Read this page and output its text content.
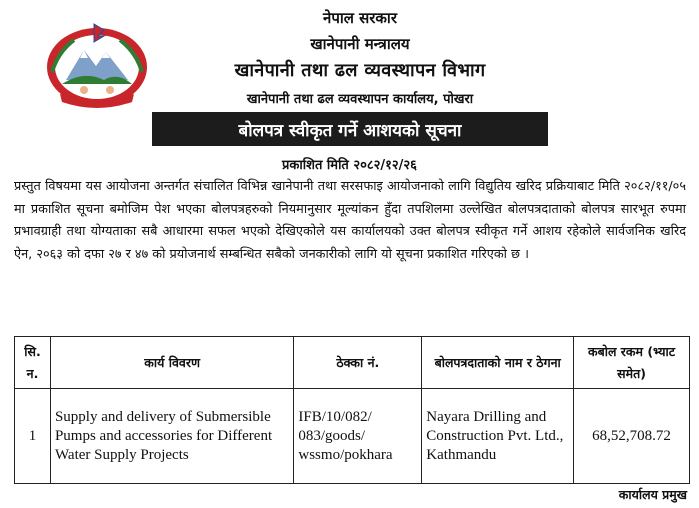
नेपाल सरकार
खानेपानी मन्त्रालय
खानेपानी तथा ढल व्यवस्थापन विभाग
खानेपानी तथा ढल व्यवस्थापन कार्यालय, पोखरा
बोलपत्र स्वीकृत गर्ने आशयको सूचना
प्रकाशित मिति २०८२/१२/२६
प्रस्तुत विषयमा यस आयोजना अन्तर्गत संचालित विभिन्न खानेपानी तथा सरसफाइ आयोजनाको लागि विद्युतिय खरिद प्रक्रियाबाट मिति २०८२/११/०५ मा प्रकाशित सूचना बमोजिम पेश भएका बोलपत्रहरुको नियमानुसार मूल्यांकन हुँदा तपशिलमा उल्लेखित बोलपत्रदाताको बोलपत्र सारभूत रुपमा प्रभावग्राही तथा योग्यताका सबै आधारमा सफल भएको देखिएकोले यस कार्यालयको उक्त बोलपत्र स्वीकृत गर्ने आशय रहेकोले सार्वजनिक खरिद ऐन, २०६३ को दफा २७ र ४७ को प्रयोजनार्थ सम्बन्धित सबैको जनकारीको लागि यो सूचना प्रकाशित गरिएको छ ।
सि. न.	कार्य विवरण	ठेक्का नं.	बोलपत्रदाताको नाम र ठेगना	कबोल रकम (भ्याट समेत)
1	Supply and delivery of Submersible Pumps and accessories for Different Water Supply Projects	IFB/10/082/ 083/goods/ wssmo/pokhara	Nayara Drilling and Construction Pvt. Ltd., Kathmandu	68,52,708.72
कार्यालय प्रमुख
